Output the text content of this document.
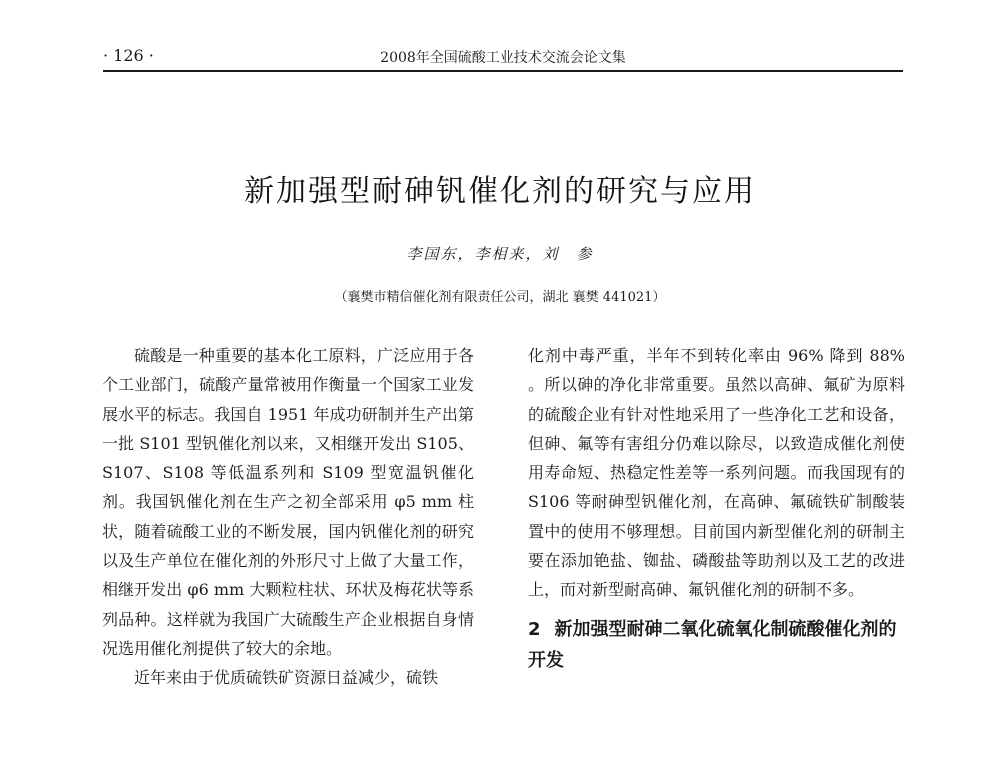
· 126 ·	2008年全国硫酸工业技术交流会论文集
新加强型耐砷钒催化剂的研究与应用
李国东，李相来，刘　参
（襄樊市精信催化剂有限责任公司，湖北 襄樊 441021）

硫酸是一种重要的基本化工原料，广泛应用于各个工业部门，硫酸产量常被用作衡量一个国家工业发展水平的标志。我国自 1951 年成功研制并生产出第一批 S101 型钒催化剂以来，又相继开发出 S105、S107、S108 等低温系列和 S109 型宽温钒催化剂。我国钒催化剂在生产之初全部采用 φ5 mm 柱状，随着硫酸工业的不断发展，国内钒催化剂的研究以及生产单位在催化剂的外形尺寸上做了大量工作，相继开发出 φ6 mm 大颗粒柱状、环状及梅花状等系列品种。这样就为我国广大硫酸生产企业根据自身情况选用催化剂提供了较大的余地。

近年来由于优质硫铁矿资源日益减少，硫铁

化剂中毒严重，半年不到转化率由 96% 降到 88% 。所以砷的净化非常重要。虽然以高砷、氟矿为原料的硫酸企业有针对性地采用了一些净化工艺和设备，但砷、氟等有害组分仍难以除尽，以致造成催化剂使用寿命短、热稳定性差等一系列问题。而我国现有的 S106 等耐砷型钒催化剂，在高砷、氟硫铁矿制酸装置中的使用不够理想。目前国内新型催化剂的研制主要在添加铯盐、铷盐、磷酸盐等助剂以及工艺的改进上，而对新型耐高砷、氟钒催化剂的研制不多。

2 新加强型耐砷二氧化硫氧化制硫酸催化剂的开发
